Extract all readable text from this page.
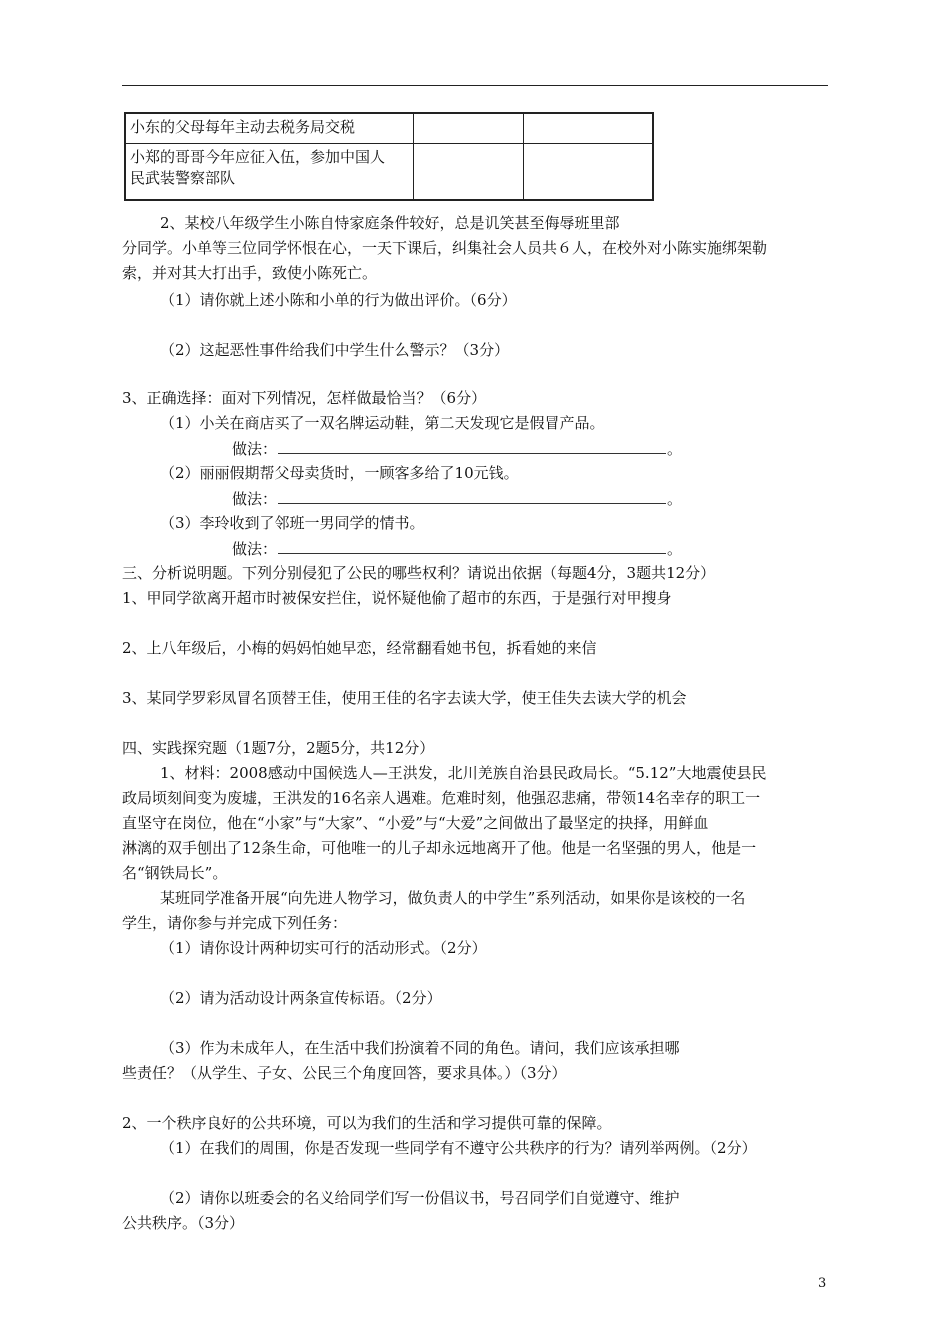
小东的父母每年主动去税务局交税		
小郑的哥哥今年应征入伍，参加中国人
民武装警察部队		
2、某校八年级学生小陈自恃家庭条件较好，总是讥笑甚至侮辱班里部
分同学。小单等三位同学怀恨在心，一天下课后，纠集社会人员共６人，在校外对小陈实施绑架勒
索，并对其大打出手，致使小陈死亡。
（1）请你就上述小陈和小单的行为做出评价。（6分）
（2）这起恶性事件给我们中学生什么警示？（3分）
3、正确选择：面对下列情况，怎样做最恰当？（6分）
（1）小关在商店买了一双名牌运动鞋，第二天发现它是假冒产品。
做法：	。
（2）丽丽假期帮父母卖货时，一顾客多给了10元钱。
做法：	。
（3）李玲收到了邻班一男同学的情书。
做法：	。
三、分析说明题。下列分别侵犯了公民的哪些权利？请说出依据（每题4分，3题共12分）
1、甲同学欲离开超市时被保安拦住，说怀疑他偷了超市的东西，于是强行对甲搜身
2、上八年级后，小梅的妈妈怕她早恋，经常翻看她书包，拆看她的来信
3、某同学罗彩凤冒名顶替王佳，使用王佳的名字去读大学，使王佳失去读大学的机会
四、实践探究题（1题7分，2题5分，共12分）
1、材料：2008感动中国候选人—王洪发，北川羌族自治县民政局长。“5.12”大地震使县民
政局顷刻间变为废墟，王洪发的16名亲人遇难。危难时刻，他强忍悲痛，带领14名幸存的职工一
直坚守在岗位，他在“小家”与“大家”、“小爱”与“大爱”之间做出了最坚定的抉择，用鲜血
淋漓的双手刨出了12条生命，可他唯一的儿子却永远地离开了他。他是一名坚强的男人，他是一
名“钢铁局长”。
某班同学准备开展“向先进人物学习，做负责人的中学生”系列活动，如果你是该校的一名
学生，请你参与并完成下列任务：
（1）请你设计两种切实可行的活动形式。（2分）
（2）请为活动设计两条宣传标语。（2分）
（3）作为未成年人，在生活中我们扮演着不同的角色。请问，我们应该承担哪
些责任？（从学生、子女、公民三个角度回答，要求具体。）（3分）
2、一个秩序良好的公共环境，可以为我们的生活和学习提供可靠的保障。
（1）在我们的周围，你是否发现一些同学有不遵守公共秩序的行为？请列举两例。（2分）
（2）请你以班委会的名义给同学们写一份倡议书，号召同学们自觉遵守、维护
公共秩序。（3分）
3
